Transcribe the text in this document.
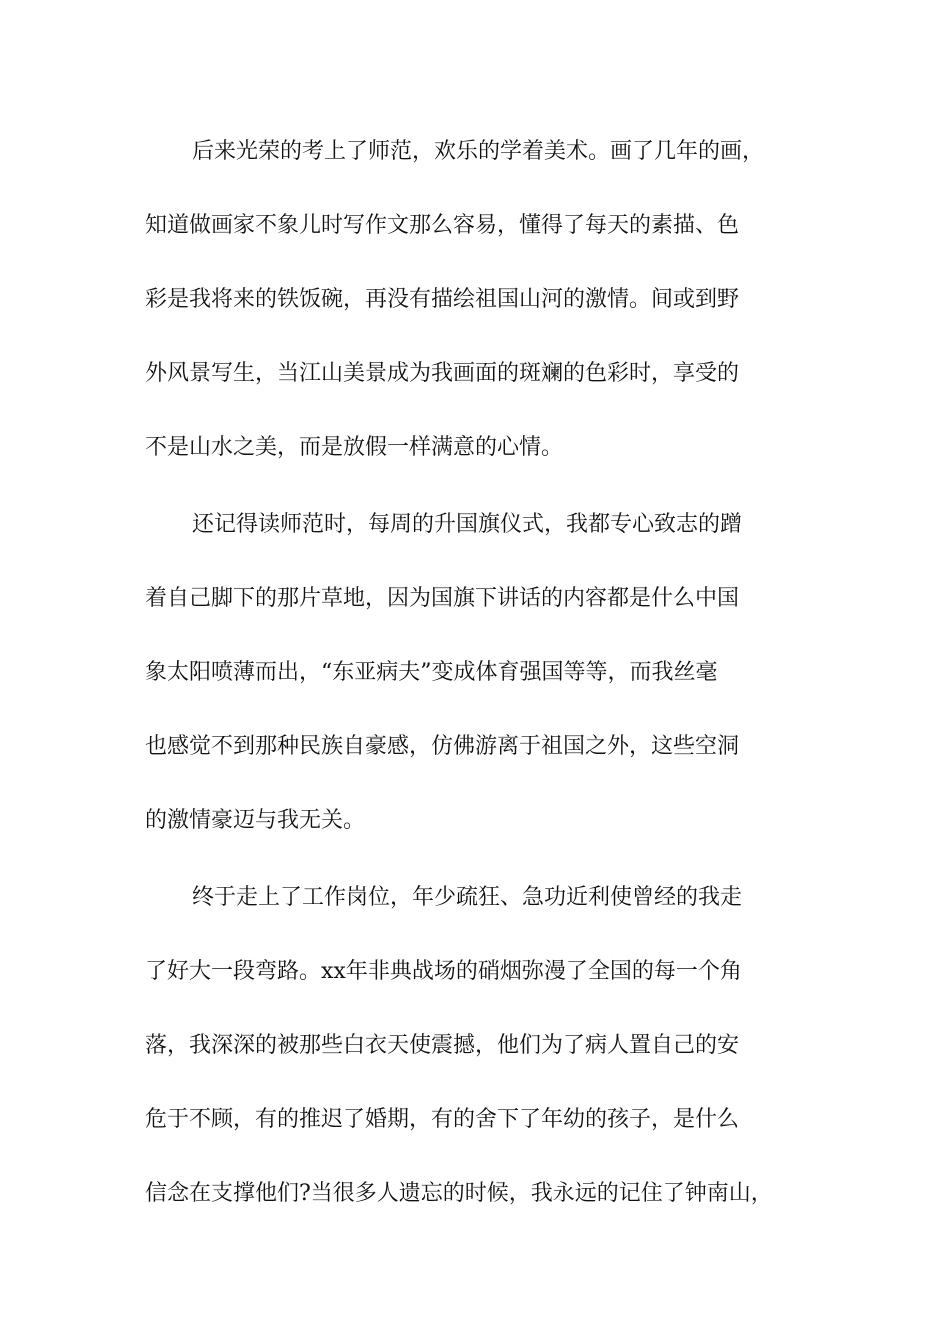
后来光荣的考上了师范，欢乐的学着美术。画了几年的画，
知道做画家不象儿时写作文那么容易，懂得了每天的素描、色
彩是我将来的铁饭碗，再没有描绘祖国山河的激情。间或到野
外风景写生，当江山美景成为我画面的斑斓的色彩时，享受的
不是山水之美，而是放假一样满意的心情。
还记得读师范时，每周的升国旗仪式，我都专心致志的蹭
着自己脚下的那片草地，因为国旗下讲话的内容都是什么中国
象太阳喷薄而出，“东亚病夫”变成体育强国等等，而我丝毫
也感觉不到那种民族自豪感，仿佛游离于祖国之外，这些空洞
的激情豪迈与我无关。
终于走上了工作岗位，年少疏狂、急功近利使曾经的我走
了好大一段弯路。xx年非典战场的硝烟弥漫了全国的每一个角
落，我深深的被那些白衣天使震撼，他们为了病人置自己的安
危于不顾，有的推迟了婚期，有的舍下了年幼的孩子，是什么
信念在支撑他们?当很多人遗忘的时候，我永远的记住了钟南山，
